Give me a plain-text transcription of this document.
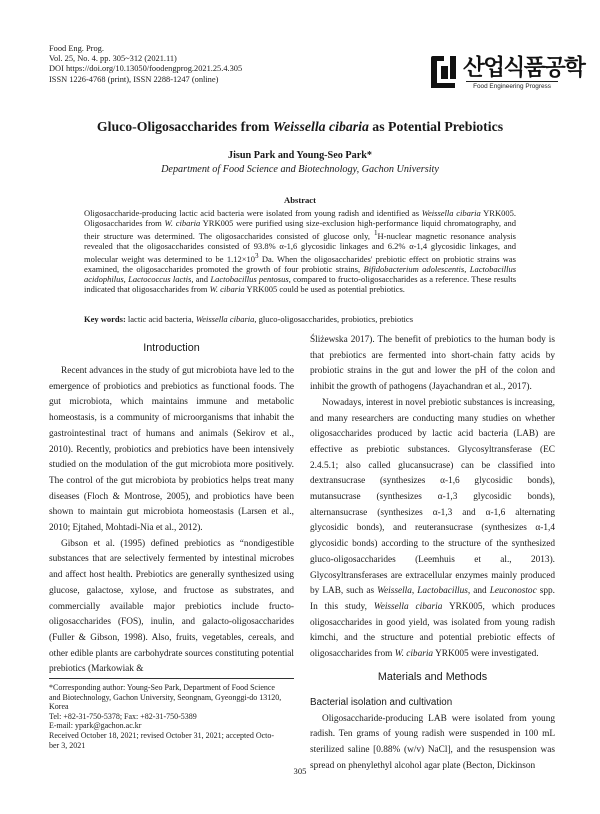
Food Eng. Prog.
Vol. 25, No. 4. pp. 305~312 (2021.11)
DOI https://doi.org/10.13050/foodengprog.2021.25.4.305
ISSN 1226-4768 (print), ISSN 2288-1247 (online)	산업식품공학
Food Engineering Progress
Gluco-Oligosaccharides from Weissella cibaria as Potential Prebiotics
Jisun Park and Young-Seo Park*
Department of Food Science and Biotechnology, Gachon University
Abstract

Oligosaccharide-producing lactic acid bacteria were isolated from young radish and identified as Weissella cibaria YRK005. Oligosaccharides from W. cibaria YRK005 were purified using size-exclusion high-performance liquid chromatography, and their structure was determined. The oligosaccharides consisted of glucose only, $^1$H-nuclear magnetic resonance analysis revealed that the oligosaccharides consisted of 93.8% α-1,6 glycosidic linkages and 6.2% α-1,4 glycosidic linkages, and molecular weight was determined to be $1.12\times 10^3$ Da. When the oligosaccharides' prebiotic effect on probiotic strains was examined, the oligosaccharides promoted the growth of four probiotic strains, Bifidobacterium adolescentis, Lactobacillus acidophilus, Lactococcus lactis, and Lactobacillus pentosus, compared to fructo-oligosaccharides as a reference. These results indicated that oligosaccharides from W. cibaria YRK005 could be used as potential prebiotics.

Key words: lactic acid bacteria, Weissella cibaria, gluco-oligosaccharides, probiotics, prebiotics

Introduction

Recent advances in the study of gut microbiota have led to the emergence of probiotics and prebiotics as functional foods. The gut microbiota, which maintains immune and metabolic homeostasis, is a community of microorganisms that inhabit the gastrointestinal tract of humans and animals (Sekirov et al., 2010). Recently, probiotics and prebiotics have been intensively studied on the modulation of the gut microbiota more positively. The control of the gut microbiota by probiotics helps treat many diseases (Floch & Montrose, 2005), and probiotics have been shown to maintain gut microbiota homeostasis (Larsen et al., 2010; Ejtahed, Mohtadi-Nia et al., 2012).

Gibson et al. (1995) defined prebiotics as “nondigestible substances that are selectively fermented by intestinal microbes and affect host health. Prebiotics are generally synthesized using glucose, galactose, xylose, and fructose as substrates, and commercially available major prebiotics include fructo-oligosaccharides (FOS), inulin, and galacto-oligosaccharides (Fuller & Gibson, 1998). Also, fruits, vegetables, cereals, and other edible plants are carbohydrate sources constituting potential prebiotics (Markowiak &

Śliżewska 2017). The benefit of prebiotics to the human body is that prebiotics are fermented into short-chain fatty acids by probiotic strains in the gut and lower the pH of the colon and inhibit the growth of pathogens (Jayachandran et al., 2017).

Nowadays, interest in novel prebiotic substances is increasing, and many researchers are conducting many studies on whether oligosaccharides produced by lactic acid bacteria (LAB) are effective as prebiotic substances. Glycosyltransferase (EC 2.4.5.1; also called glucansucrase) can be classified into dextransucrase (synthesizes α-1,6 glycosidic bonds), mutansucrase (synthesizes α-1,3 glycosidic bonds), alternansucrase (synthesizes α-1,3 and α-1,6 alternating glycosidic bonds), and reuteransucrase (synthesizes α-1,4 glycosidic bonds) according to the structure of the synthesized gluco-oligosaccharides (Leemhuis et al., 2013). Glycosyltransferases are extracellular enzymes mainly produced by LAB, such as Weissella, Lactobacillus, and Leuconostoc spp. In this study, Weissella cibaria YRK005, which produces oligosaccharides in good yield, was isolated from young radish kimchi, and the structure and potential prebiotic effects of oligosaccharides from W. cibaria YRK005 were investigated.

Materials and Methods
Bacterial isolation and cultivation

Oligosaccharide-producing LAB were isolated from young radish. Ten grams of young radish were suspended in 100 mL sterilized saline [0.88% (w/v) NaCl], and the resuspension was spread on phenylethyl alcohol agar plate (Becton, Dickinson

*Corresponding author: Young-Seo Park, Department of Food Science
and Biotechnology, Gachon University, Seongnam, Gyeonggi-do 13120,
Korea
Tel: +82-31-750-5378; Fax: +82-31-750-5389
E-mail: ypark@gachon.ac.kr
Received October 18, 2021; revised October 31, 2021; accepted Octo-
ber 3, 2021
305
